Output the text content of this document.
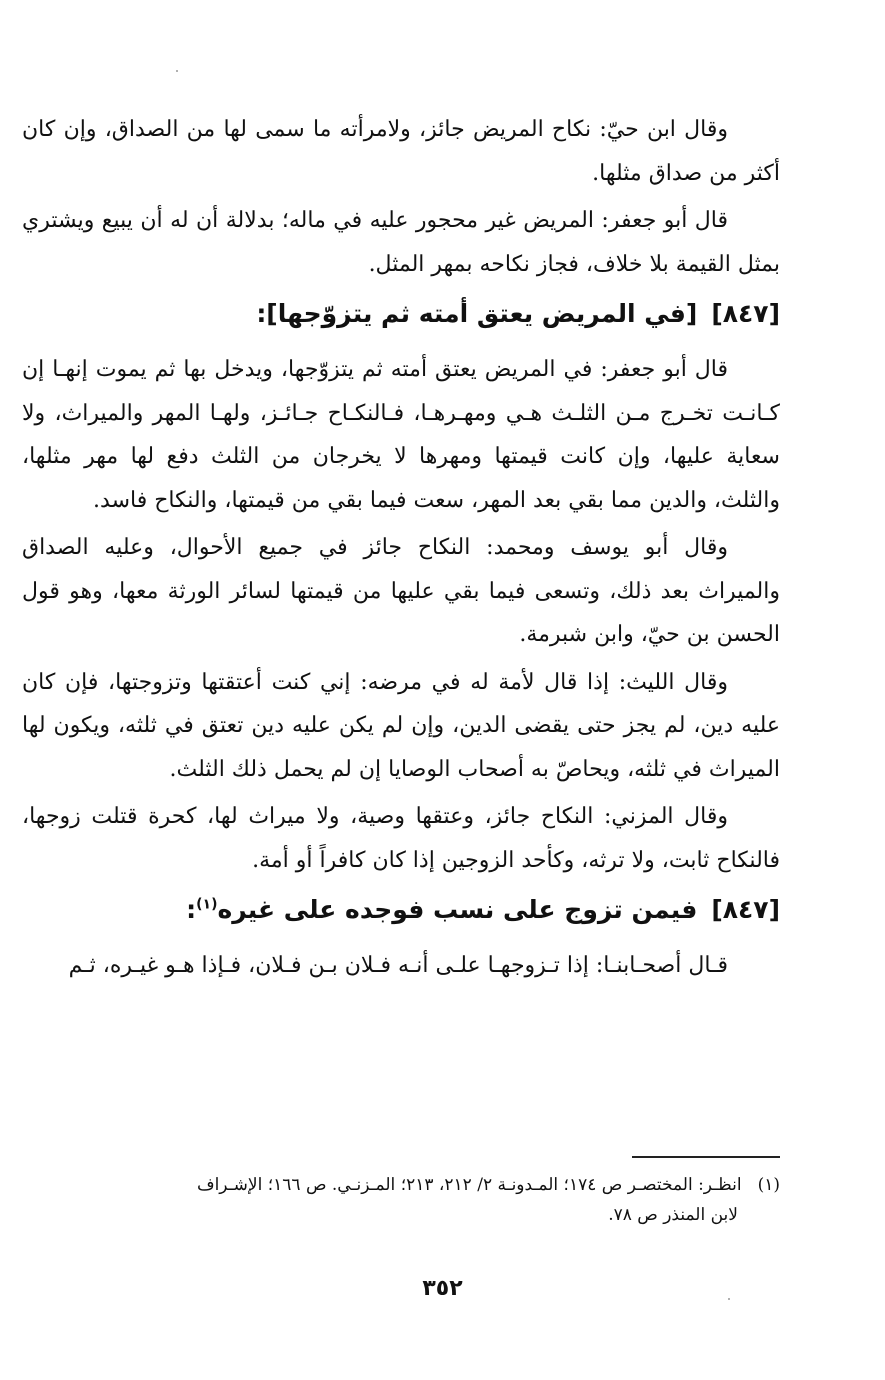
وقال ابن حيّ: نكاح المريض جائز، ولامرأته ما سمى لها من الصداق، وإن كان أكثر من صداق مثلها.

قال أبو جعفر: المريض غير محجور عليه في ماله؛ بدلالة أن له أن يبيع ويشتري بمثل القيمة بلا خلاف، فجاز نكاحه بمهر المثل.

[٨٤٧][في المريض يعتق أمته ثم يتزوّجها]:

قال أبو جعفر: في المريض يعتق أمته ثم يتزوّجها، ويدخل بها ثم يموت إنهـا إن كـانـت تخـرج مـن الثلـث هـي ومهـرهـا، فـالنكـاح جـائـز، ولهـا المهر والميراث، ولا سعاية عليها، وإن كانت قيمتها ومهرها لا يخرجان من الثلث دفع لها مهر مثلها، والثلث، والدين مما بقي بعد المهر، سعت فيما بقي من قيمتها، والنكاح فاسد.

وقال أبو يوسف ومحمد: النكاح جائز في جميع الأحوال، وعليه الصداق والميراث بعد ذلك، وتسعى فيما بقي عليها من قيمتها لسائر الورثة معها، وهو قول الحسن بن حيّ، وابن شبرمة.

وقال الليث: إذا قال لأمة له في مرضه: إني كنت أعتقتها وتزوجتها، فإن كان عليه دين، لم يجز حتى يقضى الدين، وإن لم يكن عليه دين تعتق في ثلثه، ويكون لها الميراث في ثلثه، ويحاصّ به أصحاب الوصايا إن لم يحمل ذلك الثلث.

وقال المزني: النكاح جائز، وعتقها وصية، ولا ميراث لها، كحرة قتلت زوجها، فالنكاح ثابت، ولا ترثه، وكأحد الزوجين إذا كان كافراً أو أمة.

[٨٤٧]فيمن تزوج على نسب فوجده على غيره$^{(١)}$:

قـال أصحـابنـا: إذا تـزوجهـا علـى أنـه فـلان بـن فـلان، فـإذا هـو غيـره، ثـم

(١)انظـر: المختصـر ص ١٧٤؛ المـدونـة ٢/ ٢١٢، ٢١٣؛ المـزنـي. ص ١٦٦؛ الإشـراف
لابن المنذر ص ٧٨.
٣٥٢
